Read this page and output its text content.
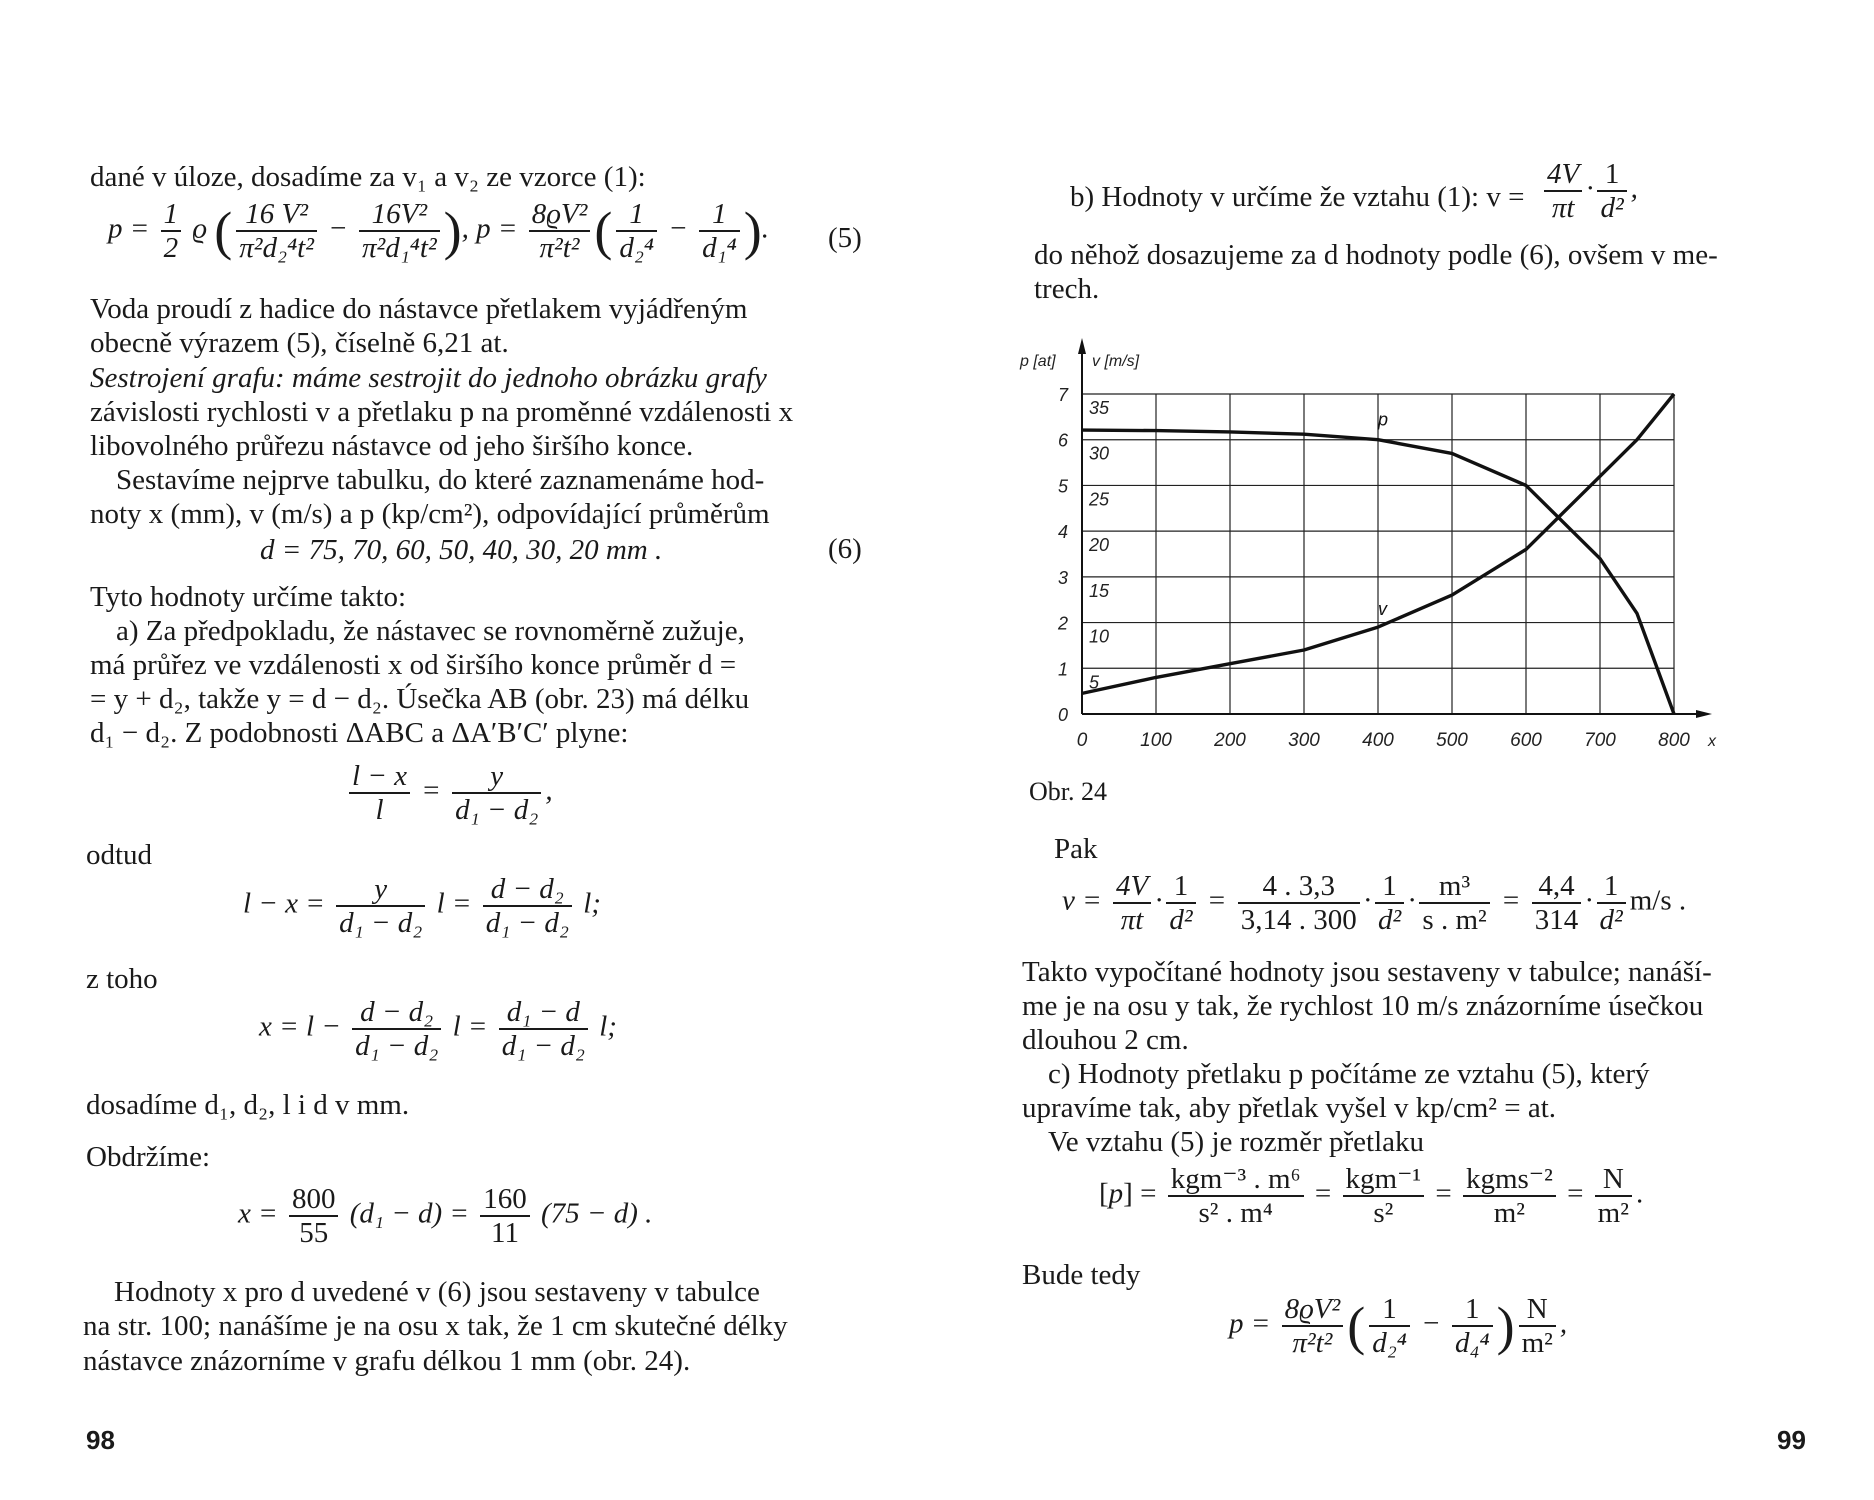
dané v úloze, dosadíme za v₁ a v₂ ze vzorce (1):
$p = \frac{1}{2}$ ϱ ( $\frac{\text{16 V²}}{\text{π²d₂⁴t²}} - \frac{\text{16V²}}{\text{π²d₁⁴t²}}$ ), $p = \frac{\text{8ϱV²}}{\text{π²t²}}$ ( $\frac{1}{\text{d₂⁴}} - \frac{1}{\text{d₁⁴}}$ ). (5)
Voda proudí z hadice do nástavce přetlakem vyjádřeným
obecně výrazem (5), číselně 6,21 at.
Sestrojení grafu: máme sestrojit do jednoho obrázku grafy
závislosti rychlosti v a přetlaku p na proměnné vzdálenosti x
libovolného průřezu nástavce od jeho širšího konce.
Sestavíme nejprve tabulku, do které zaznamenáme hod-
noty x (mm), v (m/s) a p (kp/cm²), odpovídající průměrům
d = 75, 70, 60, 50, 40, 30, 20 mm .	(6)
Tyto hodnoty určíme takto:
a) Za předpokladu, že nástavec se rovnoměrně zužuje,
má průřez ve vzdálenosti x od širšího konce průměr d =
= y + d₂, takže y = d − d₂. Úsečka AB (obr. 23) má délku
d₁ − d₂. Z podobnosti ΔABC a ΔA′B′C′ plyne:
$\frac{l - x}{l} = \frac{y}{\text{d₁ − d₂}}$ ,
odtud
$l - x = \frac{y}{\text{d₁ − d₂}}$ $l = \frac{\text{d − d₂}}{\text{d₁ − d₂}} l$;
z toho
$x = l - \frac{\text{d − d₂}}{\text{d₁ − d₂}}$ $l = \frac{\text{d₁ − d}}{\text{d₁ − d₂}} l$;
dosadíme d₁, d₂, l i d v mm.
Obdržíme:
$x = \frac{800}{55} (d_1 - d) = \frac{160}{11} (75 - d)$ .
Hodnoty x pro d uvedené v (6) jsou sestaveny v tabulce
na str. 100; nanášíme je na osu x tak, že 1 cm skutečné délky
nástavce znázorníme v grafu délkou 1 mm (obr. 24).
98
b) Hodnoty v určíme že vztahu (1): $v = \frac{4V}{\pi t} \cdot \frac{1}{\text{d²}}$ ,
do něhož dosazujeme za d hodnoty podle (6), ovšem v me-
trech.
0	100 200 300 400 500 600 700 800 x
0
1
2
3
4
5
6
7
5
10
15
20
25
30
35
p [at] v [m/s]
p
v
Obr. 24
Pak
$v = \frac{4V}{\pi t} \cdot \frac{1}{\text{d²}} = \frac{4 . 3,3}{3,14 . 300} \cdot \frac{1}{\text{d²}} \cdot \frac{\text{m³}}{\text{s . m²}} = \frac{4,4}{314} \cdot \frac{1}{\text{d²}} m/s$ .
Takto vypočítané hodnoty jsou sestaveny v tabulce; nanáší-
me je na osu y tak, že rychlost 10 m/s znázorníme úsečkou
dlouhou 2 cm.
c) Hodnoty přetlaku p počítáme ze vztahu (5), který
upravíme tak, aby přetlak vyšel v kp/cm² = at.
Ve vztahu (5) je rozměr přetlaku
$[p] = \frac{\text{kgm⁻³ . m⁶}}{\text{s² . m⁴}} = \frac{\text{kgm⁻¹}}{\text{s²}} = \frac{\text{kgms⁻²}}{\text{m²}} = \frac{N}{\text{m²}}$ .
Bude tedy
$p = \frac{\text{8ϱV²}}{\text{π²t²}}$ ( $\frac{1}{\text{d₂⁴}} - \frac{1}{\text{d₄⁴}}$ ) $\frac{N}{\text{m²}}$ ,
99
